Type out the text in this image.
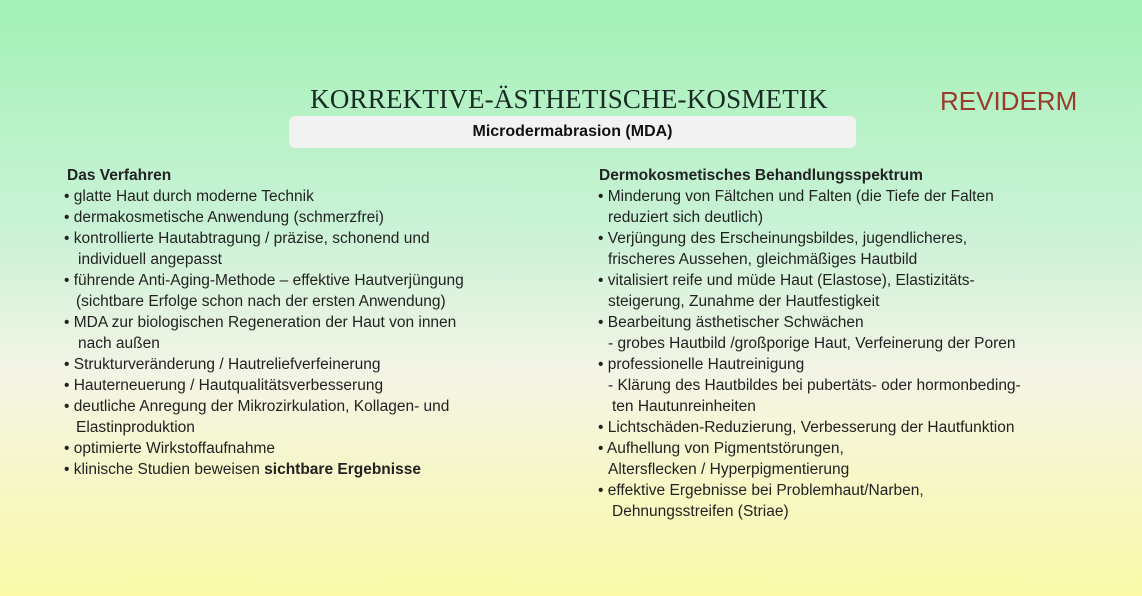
KORREKTIVE-ÄSTHETISCHE-KOSMETIK	REVIDERM
Microdermabrasion (MDA)
Das Verfahren
• glatte Haut durch moderne Technik
• dermakosmetische Anwendung (schmerzfrei)
• kontrollierte Hautabtragung / präzise, schonend und
individuell angepasst
• führende Anti-Aging-Methode – effektive Hautverjüngung
(sichtbare Erfolge schon nach der ersten Anwendung)
• MDA zur biologischen Regeneration der Haut von innen
nach außen
• Strukturveränderung / Hautreliefverfeinerung
• Hauterneuerung / Hautqualitätsverbesserung
• deutliche Anregung der Mikrozirkulation, Kollagen- und
Elastinproduktion
• optimierte Wirkstoffaufnahme
• klinische Studien beweisen sichtbare Ergebnisse
Dermokosmetisches Behandlungsspektrum
• Minderung von Fältchen und Falten (die Tiefe der Falten
reduziert sich deutlich)
• Verjüngung des Erscheinungsbildes, jugendlicheres,
frischeres Aussehen, gleichmäßiges Hautbild
• vitalisiert reife und müde Haut (Elastose), Elastizitäts-
steigerung, Zunahme der Hautfestigkeit
• Bearbeitung ästhetischer Schwächen
- grobes Hautbild /großporige Haut, Verfeinerung der Poren
• professionelle Hautreinigung
- Klärung des Hautbildes bei pubertäts- oder hormonbeding-
ten Hautunreinheiten
• Lichtschäden-Reduzierung, Verbesserung der Hautfunktion
• Aufhellung von Pigmentstörungen,
Altersflecken / Hyperpigmentierung
• effektive Ergebnisse bei Problemhaut/Narben,
Dehnungsstreifen (Striae)
